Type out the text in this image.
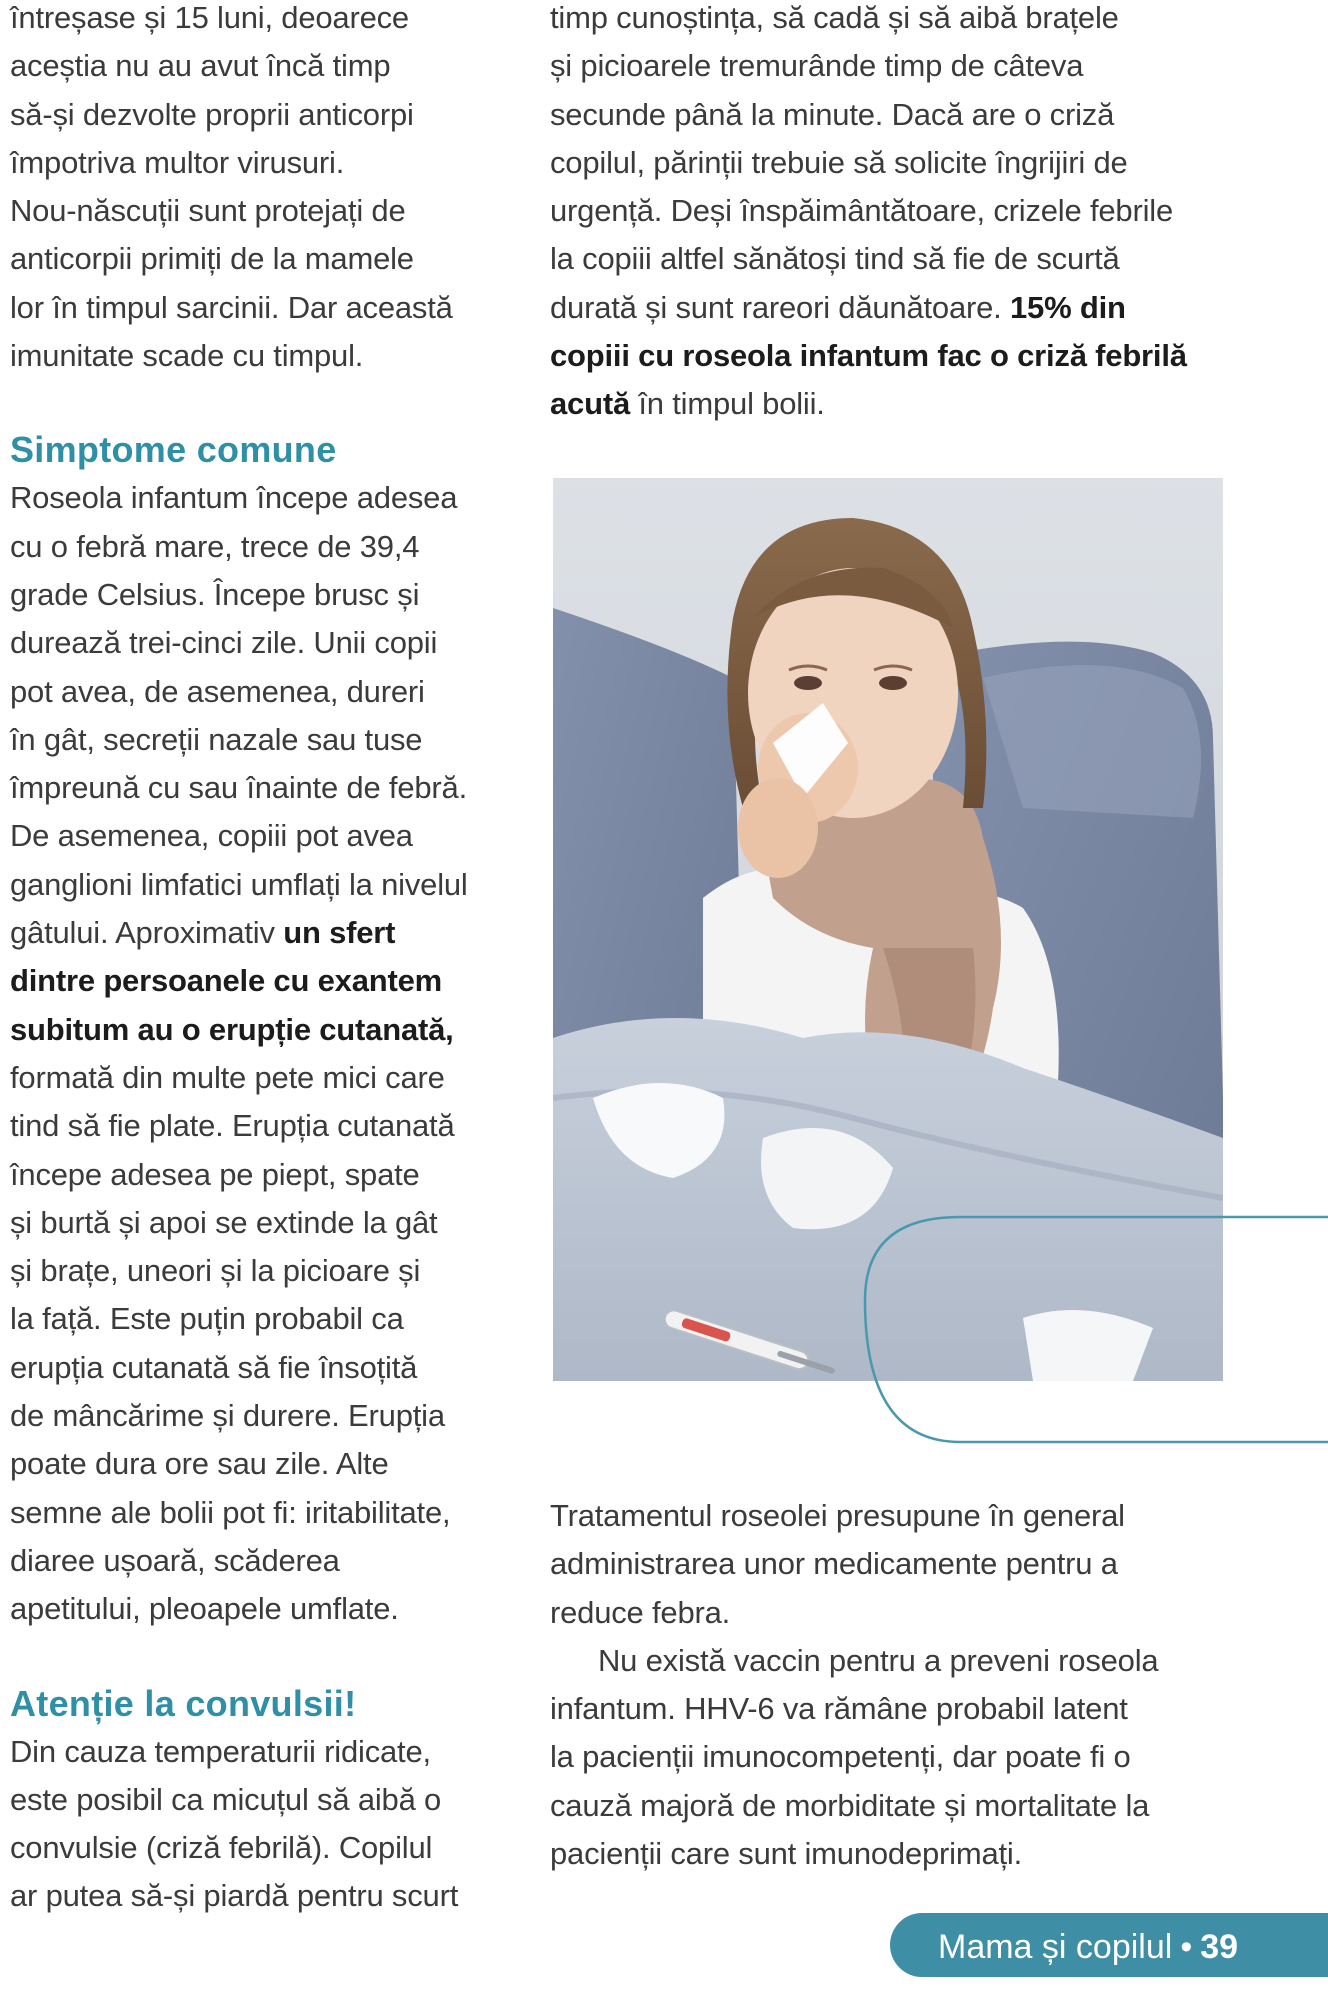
întreșase și 15 luni, deoarece
aceștia nu au avut încă timp
să-și dezvolte proprii anticorpi
împotriva multor virusuri.
Nou-născuții sunt protejați de
anticorpii primiți de la mamele
lor în timpul sarcinii. Dar această
imunitate scade cu timpul.

Simptome comune

Roseola infantum începe adesea
cu o febră mare, trece de 39,4
grade Celsius. Începe brusc și
durează trei-cinci zile. Unii copii
pot avea, de asemenea, dureri
în gât, secreții nazale sau tuse
împreună cu sau înainte de febră.
De asemenea, copiii pot avea
ganglioni limfatici umflați la nivelul
gâtului. Aproximativ un sfert
dintre persoanele cu exantem
subitum au o erupție cutanată,
formată din multe pete mici care
tind să fie plate. Erupția cutanată
începe adesea pe piept, spate
și burtă și apoi se extinde la gât
și brațe, uneori și la picioare și
la față. Este puțin probabil ca
erupția cutanată să fie însoțită
de mâncărime și durere. Erupția
poate dura ore sau zile. Alte
semne ale bolii pot fi: iritabilitate,
diaree ușoară, scăderea
apetitului, pleoapele umflate.

Atenție la convulsii!

Din cauza temperaturii ridicate,
este posibil ca micuțul să aibă o
convulsie (criză febrilă). Copilul
ar putea să-și piardă pentru scurt

timp cunoștința, să cadă și să aibă brațele
și picioarele tremurânde timp de câteva
secunde până la minute. Dacă are o criză
copilul, părinții trebuie să solicite îngrijiri de
urgență. Deși înspăimântătoare, crizele febrile
la copiii altfel sănătoși tind să fie de scurtă
durată și sunt rareori dăunătoare. 15% din
copiii cu roseola infantum fac o criză febrilă
acută în timpul bolii.

Tratamentul roseolei presupune în general
administrarea unor medicamente pentru a
reduce febra.

Nu există vaccin pentru a preveni roseola
infantum. HHV-6 va rămâne probabil latent
la pacienții imunocompetenți, dar poate fi o
cauză majoră de morbiditate și mortalitate la
pacienții care sunt imunodeprimați.

Mama și copilul • 39
